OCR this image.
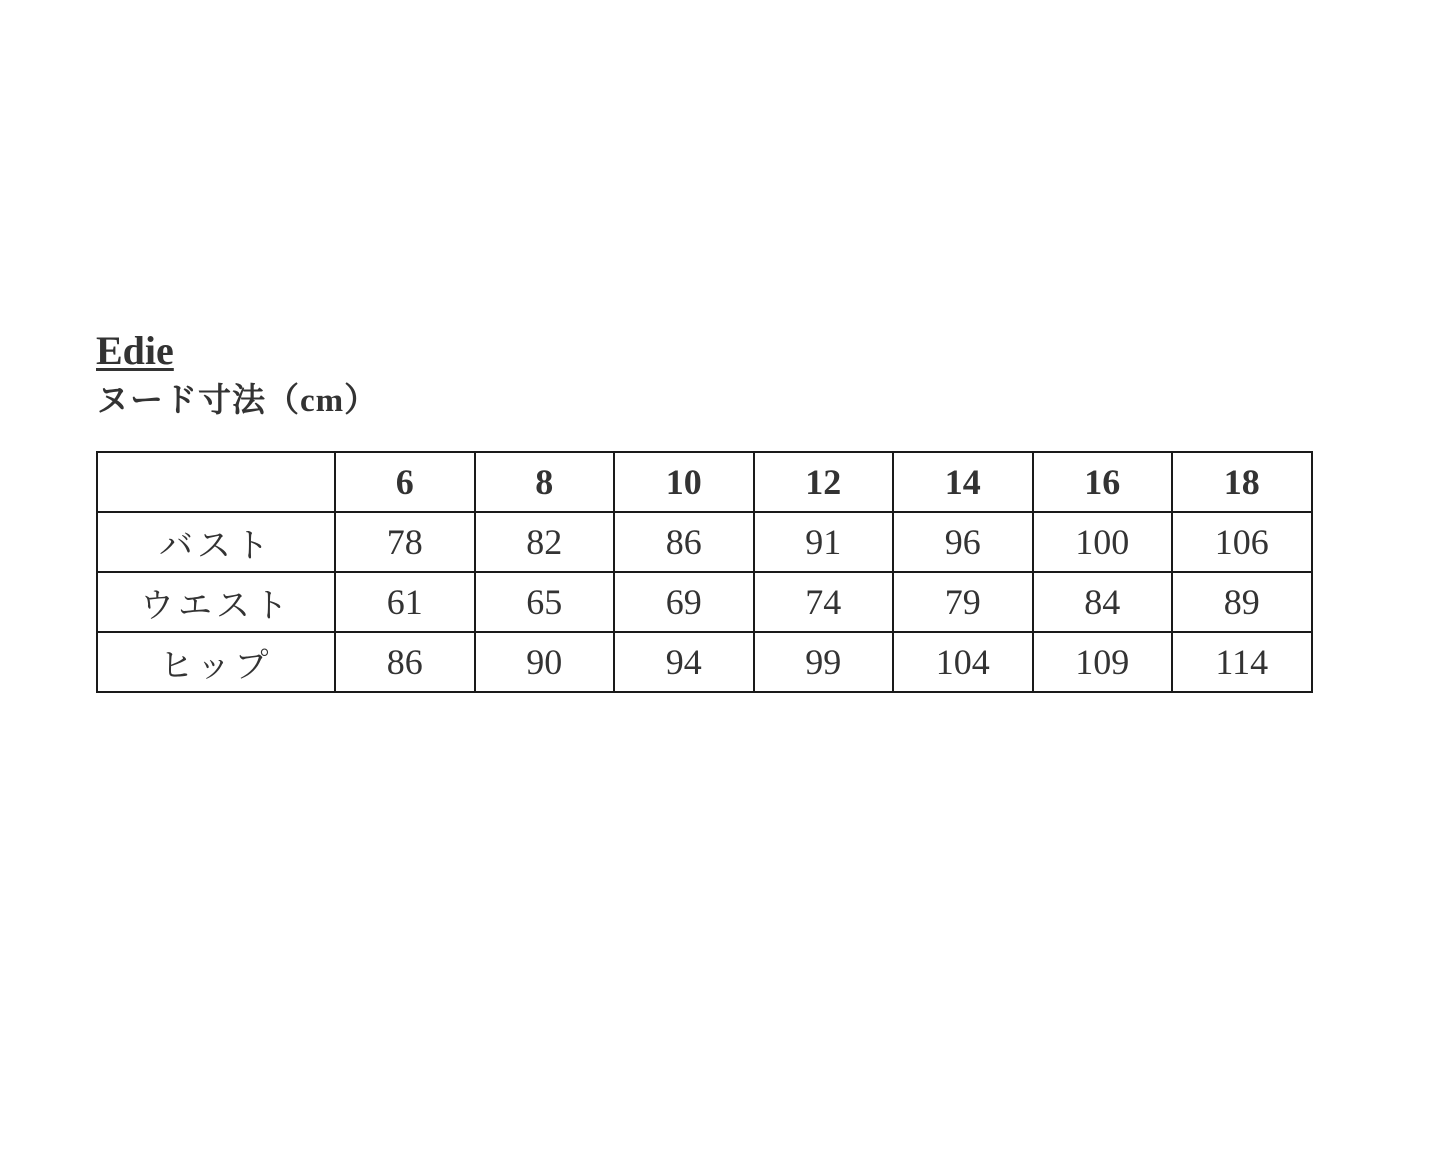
Edie
ヌード寸法（cm）
	6	8	10	12	14	16	18
バスト	78	82	86	91	96	100	106
ウエスト	61	65	69	74	79	84	89
ヒップ	86	90	94	99	104	109	114
